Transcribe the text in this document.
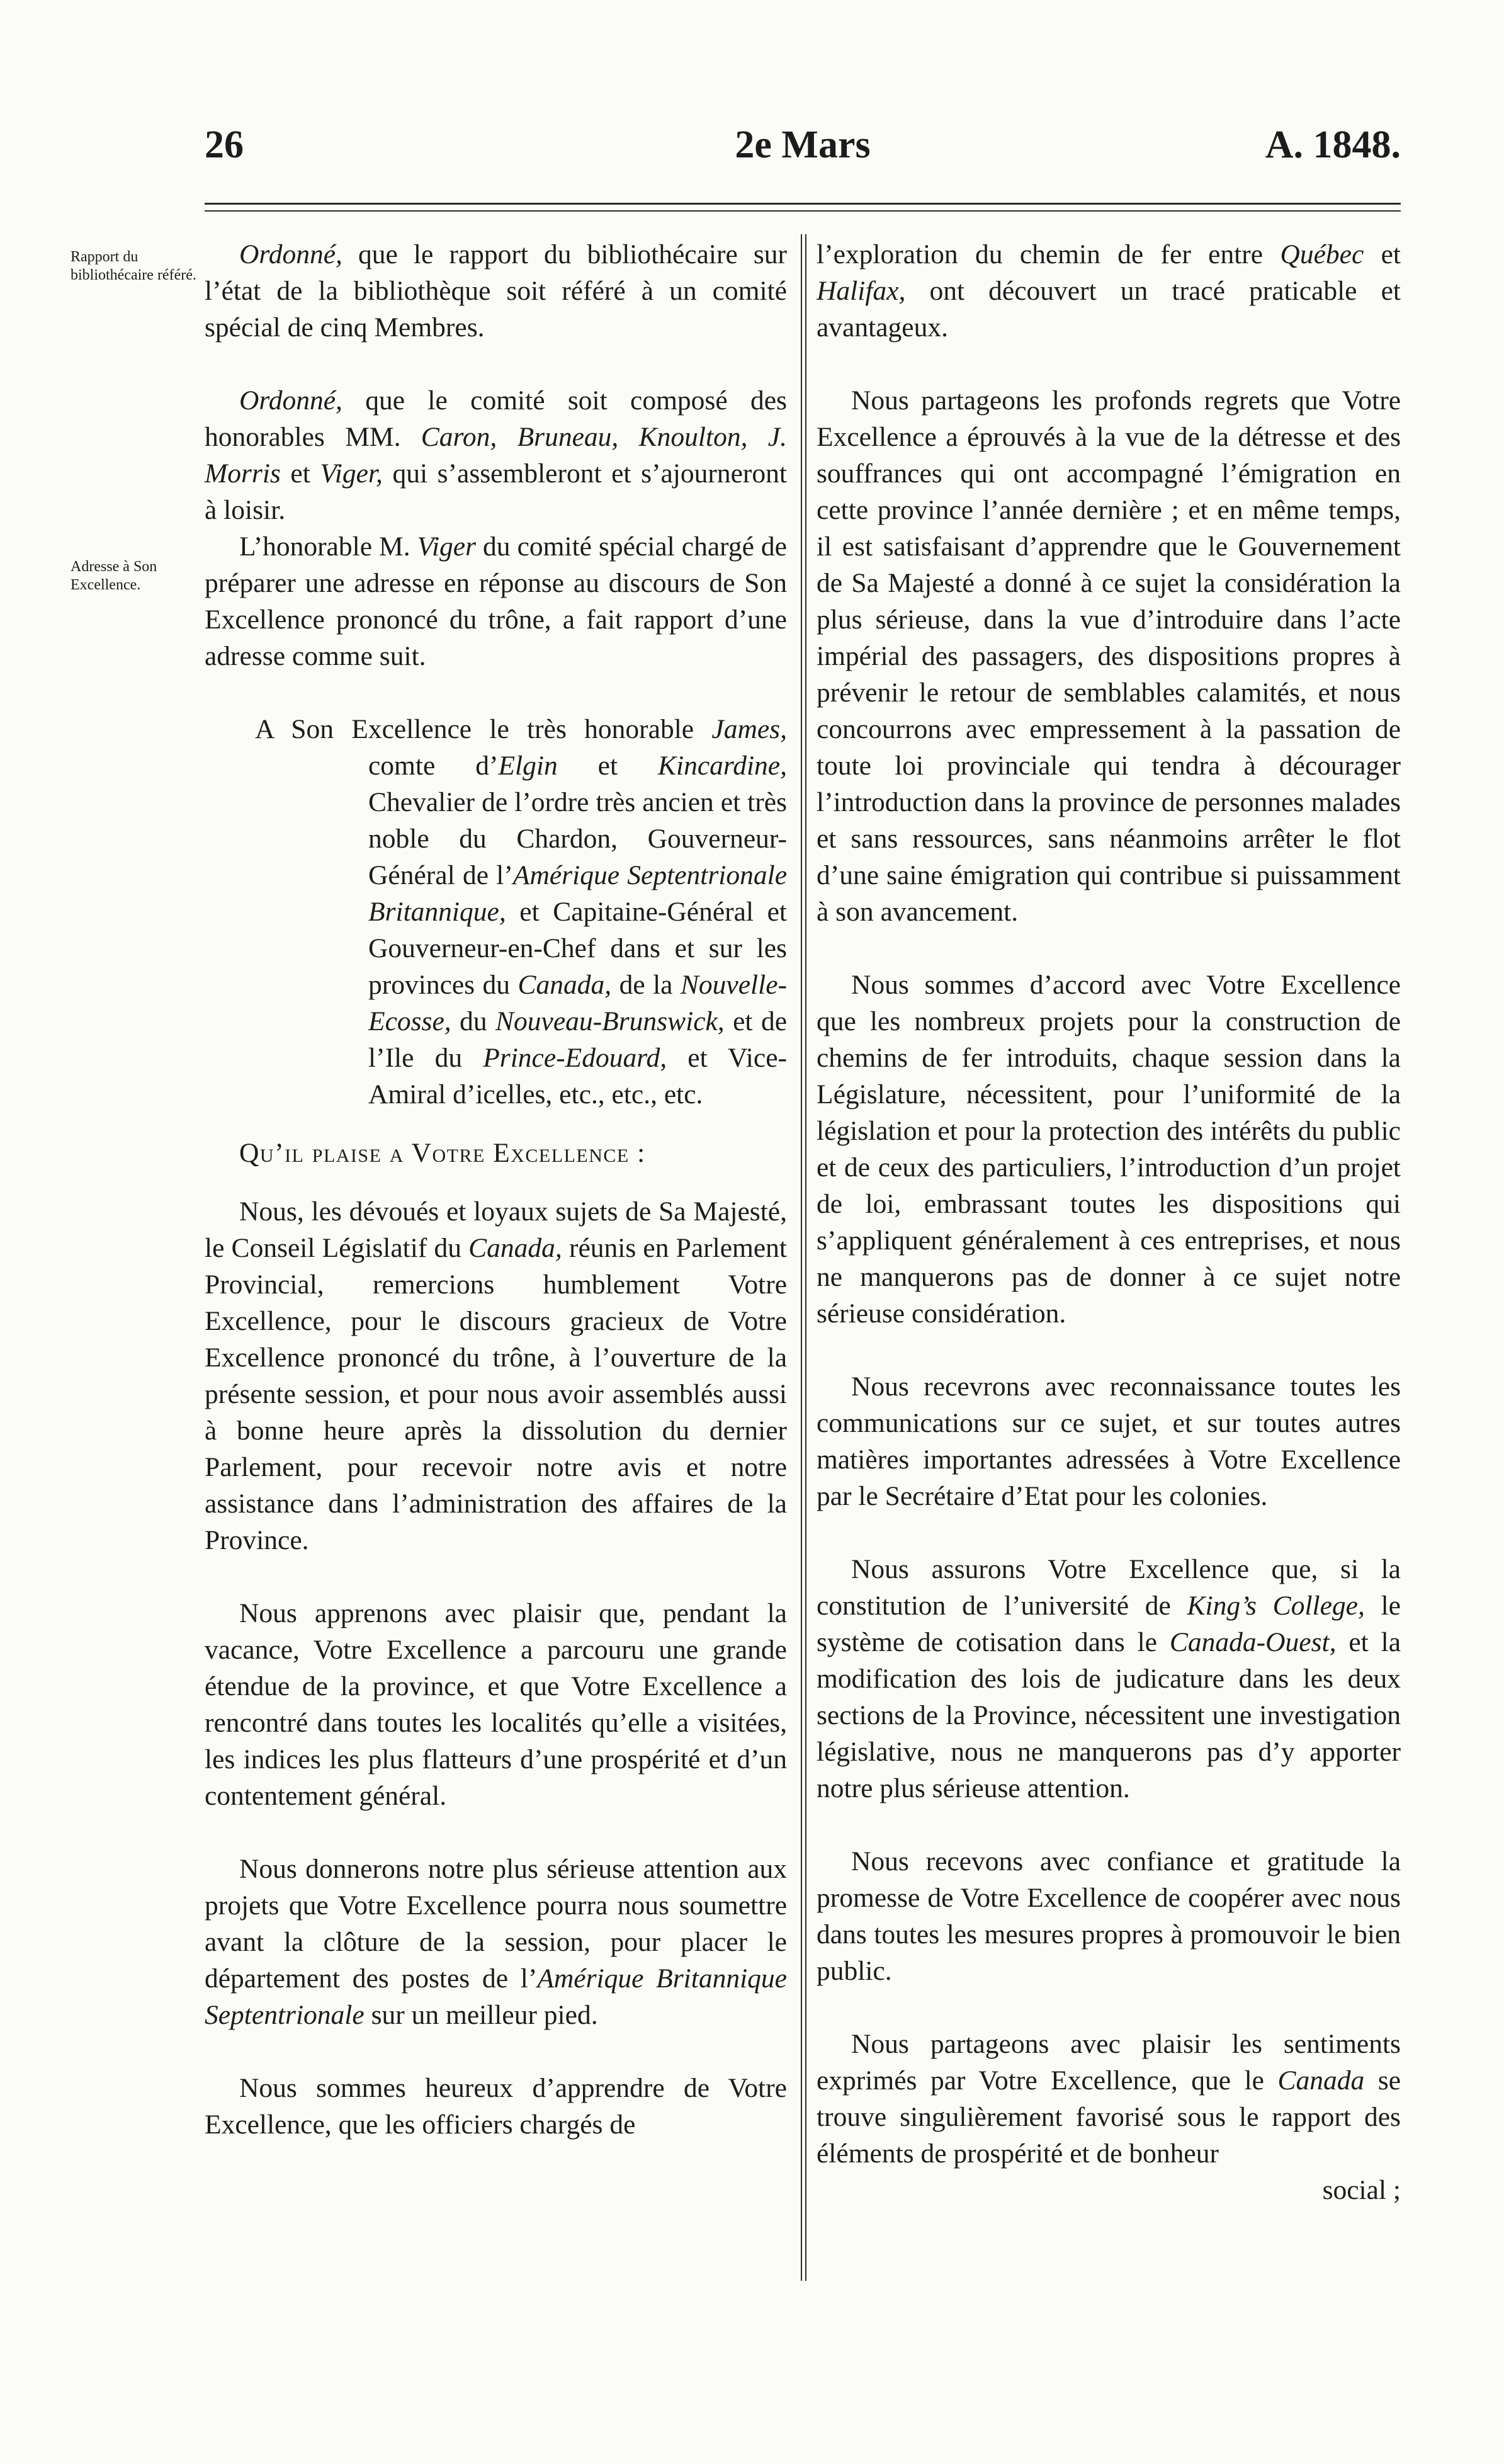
26	2e Mars	A. 1848.
Rapport du bibliothécaire référé.
Adresse à Son Excellence.

Ordonné, que le rapport du bibliothécaire sur l’état de la bibliothèque soit référé à un comité spécial de cinq Membres.

Ordonné, que le comité soit composé des honorables MM. Caron, Bruneau, Knoulton, J. Morris et Viger, qui s’assembleront et s’ajourneront à loisir.

L’honorable M. Viger du comité spécial chargé de préparer une adresse en réponse au discours de Son Excellence prononcé du trône, a fait rapport d’une adresse comme suit.

A Son Excellence le très honorable James, comte d’Elgin et Kincardine, Chevalier de l’ordre très ancien et très noble du Chardon, Gouverneur-Général de l’Amérique Septentrionale Britannique, et Capitaine-Général et Gouverneur-en-Chef dans et sur les provinces du Canada, de la Nouvelle-Ecosse, du Nouveau-Brunswick, et de l’Ile du Prince-Edouard, et Vice-Amiral d’icelles, etc., etc., etc.

Qu’il plaise a Votre Excellence :

Nous, les dévoués et loyaux sujets de Sa Majesté, le Conseil Législatif du Canada, réunis en Parlement Provincial, remercions humblement Votre Excellence, pour le discours gracieux de Votre Excellence prononcé du trône, à l’ouverture de la présente session, et pour nous avoir assemblés aussi à bonne heure après la dissolution du dernier Parlement, pour recevoir notre avis et notre assistance dans l’administration des affaires de la Province.

Nous apprenons avec plaisir que, pendant la vacance, Votre Excellence a parcouru une grande étendue de la province, et que Votre Excellence a rencontré dans toutes les localités qu’elle a visitées, les indices les plus flatteurs d’une prospérité et d’un contentement général.

Nous donnerons notre plus sérieuse attention aux projets que Votre Excellence pourra nous soumettre avant la clôture de la session, pour placer le département des postes de l’Amérique Britannique Septentrionale sur un meilleur pied.

Nous sommes heureux d’apprendre de Votre Excellence, que les officiers chargés de

l’exploration du chemin de fer entre Québec et Halifax, ont découvert un tracé praticable et avantageux.

Nous partageons les profonds regrets que Votre Excellence a éprouvés à la vue de la détresse et des souffrances qui ont accompagné l’émigration en cette province l’année dernière ; et en même temps, il est satisfaisant d’apprendre que le Gouvernement de Sa Majesté a donné à ce sujet la considération la plus sérieuse, dans la vue d’introduire dans l’acte impérial des passagers, des dispositions propres à prévenir le retour de semblables calamités, et nous concourrons avec empressement à la passation de toute loi provinciale qui tendra à décourager l’introduction dans la province de personnes malades et sans ressources, sans néanmoins arrêter le flot d’une saine émigration qui contribue si puissamment à son avancement.

Nous sommes d’accord avec Votre Excellence que les nombreux projets pour la construction de chemins de fer introduits, chaque session dans la Législature, nécessitent, pour l’uniformité de la législation et pour la protection des intérêts du public et de ceux des particuliers, l’introduction d’un projet de loi, embrassant toutes les dispositions qui s’appliquent généralement à ces entreprises, et nous ne manquerons pas de donner à ce sujet notre sérieuse considération.

Nous recevrons avec reconnaissance toutes les communications sur ce sujet, et sur toutes autres matières importantes adressées à Votre Excellence par le Secrétaire d’Etat pour les colonies.

Nous assurons Votre Excellence que, si la constitution de l’université de King’s College, le système de cotisation dans le Canada-Ouest, et la modification des lois de judicature dans les deux sections de la Province, nécessitent une investigation législative, nous ne manquerons pas d’y apporter notre plus sérieuse attention.

Nous recevons avec confiance et gratitude la promesse de Votre Excellence de coopérer avec nous dans toutes les mesures propres à promouvoir le bien public.

Nous partageons avec plaisir les sentiments exprimés par Votre Excellence, que le Canada se trouve singulièrement favorisé sous le rapport des éléments de prospérité et de bonheur

social ;
